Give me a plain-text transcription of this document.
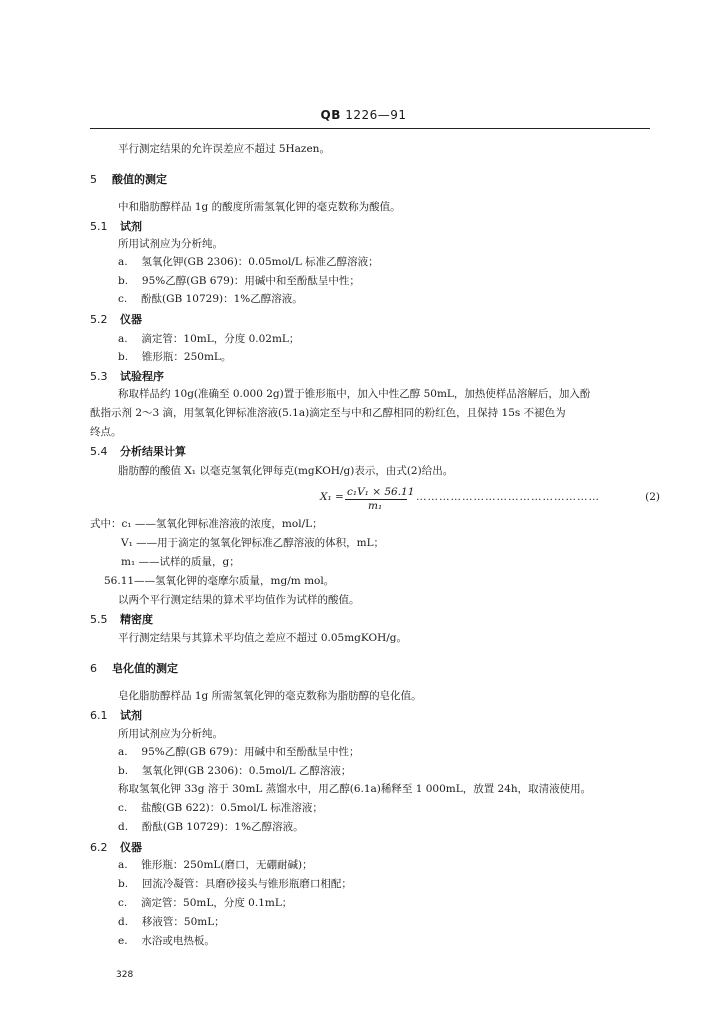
QB 1226—91
平行测定结果的允许误差应不超过 5Hazen。
5 酸值的测定
中和脂肪醇样品 1g 的酸度所需氢氧化钾的毫克数称为酸值。
5.1 试剂
所用试剂应为分析纯。
a.　 氢氧化钾(GB 2306)：0.05mol/L 标准乙醇溶液；
b.　 95%乙醇(GB 679)：用碱中和至酚酞呈中性；
c.　 酚酞(GB 10729)：1%乙醇溶液。
5.2 仪器
a.　 滴定管：10mL，分度 0.02mL；
b.　 锥形瓶：250mL。
5.3 试验程序
称取样品约 10g(准确至 0.000 2g)置于锥形瓶中，加入中性乙醇 50mL，加热使样品溶解后，加入酚
酞指示剂 2～3 滴，用氢氧化钾标准溶液(5.1a)滴定至与中和乙醇相同的粉红色，且保持 15s 不褪色为
终点。
5.4 分析结果计算
脂肪醇的酸值 X₁ 以毫克氢氧化钾每克(mgKOH/g)表示，由式(2)给出。
式中：c₁ ——氢氧化钾标准溶液的浓度，mol/L；
V₁ ——用于滴定的氢氧化钾标准乙醇溶液的体积，mL；
m₁ ——试样的质量，g；
56.11——氢氧化钾的毫摩尔质量，mg/m mol。
以两个平行测定结果的算术平均值作为试样的酸值。
5.5 精密度
平行测定结果与其算术平均值之差应不超过 0.05mgKOH/g。
6 皂化值的测定
皂化脂肪醇样品 1g 所需氢氧化钾的毫克数称为脂肪醇的皂化值。
6.1 试剂
所用试剂应为分析纯。
a.　 95%乙醇(GB 679)：用碱中和至酚酞呈中性；
b.　 氢氧化钾(GB 2306)：0.5mol/L 乙醇溶液；
称取氢氧化钾 33g 溶于 30mL 蒸馏水中，用乙醇(6.1a)稀释至 1 000mL，放置 24h，取清液使用。
c.　 盐酸(GB 622)：0.5mol/L 标准溶液；
d.　 酚酞(GB 10729)：1%乙醇溶液。
6.2 仪器
a.　 锥形瓶：250mL(磨口，无硼耐碱)；
b.　 回流冷凝管：具磨砂接头与锥形瓶磨口相配；
c.　 滴定管：50mL，分度 0.1mL；
d.　 移液管：50mL；
e.　 水浴或电热板。
X₁ = c₁V₁ × 56.11
m₁
…………………………………………	(2)
328
